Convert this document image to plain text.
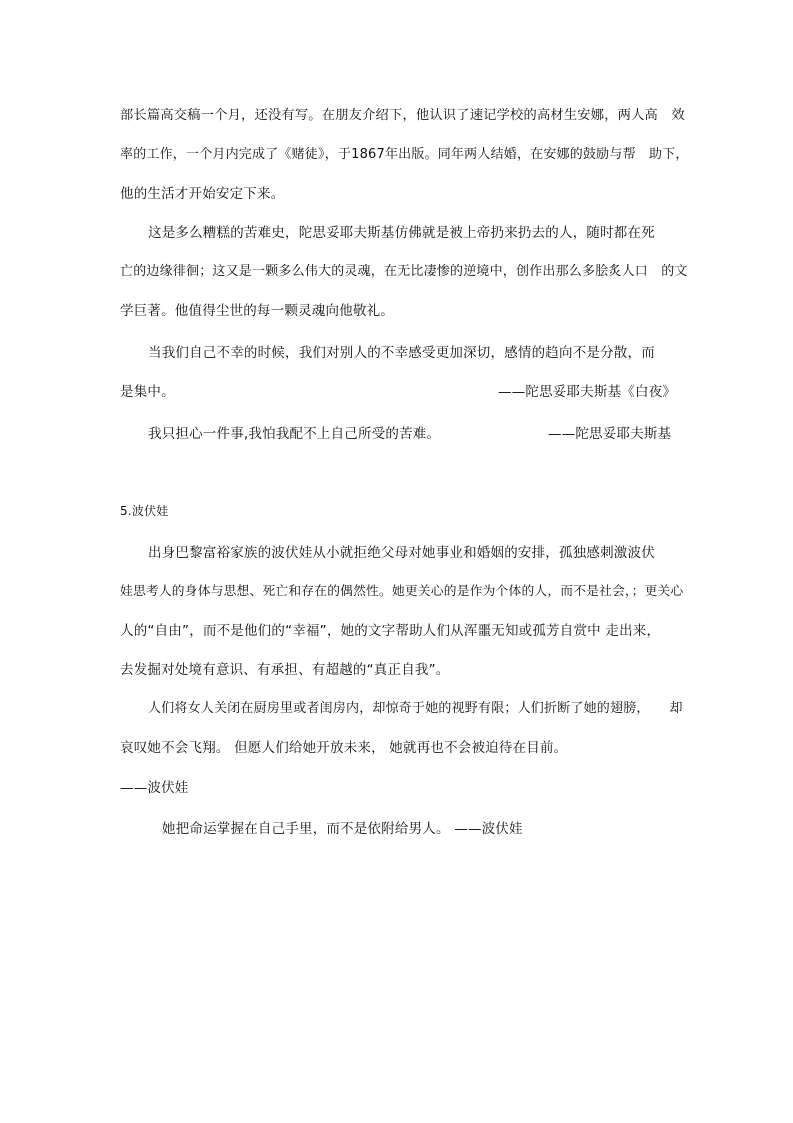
部长篇高交稿一个月，还没有写。在朋友介绍下，他认识了速记学校的高材生安娜，两人高　效
率的工作，一个月内完成了《赌徒》，于1867年出版。同年两人结婚，在安娜的鼓励与帮　助下，
他的生活才开始安定下来。
这是多么糟糕的苦难史，陀思妥耶夫斯基仿佛就是被上帝扔来扔去的人，随时都在死
亡的边缘徘徊；这又是一颗多么伟大的灵魂，在无比凄惨的逆境中，创作出那么多脍炙人口　的文
学巨著。他值得尘世的每一颗灵魂向他敬礼。
当我们自己不幸的时候，我们对别人的不幸感受更加深切，感情的趋向不是分散，而
是集中。	——陀思妥耶夫斯基《白夜》
我只担心一件事,我怕我配不上自己所受的苦难。	——陀思妥耶夫斯基
5.波伏娃
出身巴黎富裕家族的波伏娃从小就拒绝父母对她事业和婚姻的安排，孤独感刺激波伏
娃思考人的身体与思想、死亡和存在的偶然性。她更关心的是作为个体的人，而不是社会，；更关心
人的“自由”，而不是他们的“幸福”，她的文字帮助人们从浑噩无知或孤芳自赏中 走出来，
去发掘对处境有意识、有承担、有超越的“真正自我”。
人们将女人关闭在厨房里或者闺房内，却惊奇于她的视野有限；人们折断了她的翅膀，　　却
哀叹她不会飞翔。 但愿人们给她开放未来， 她就再也不会被迫待在目前。
——波伏娃
她把命运掌握在自己手里，而不是依附给男人。 ——波伏娃
